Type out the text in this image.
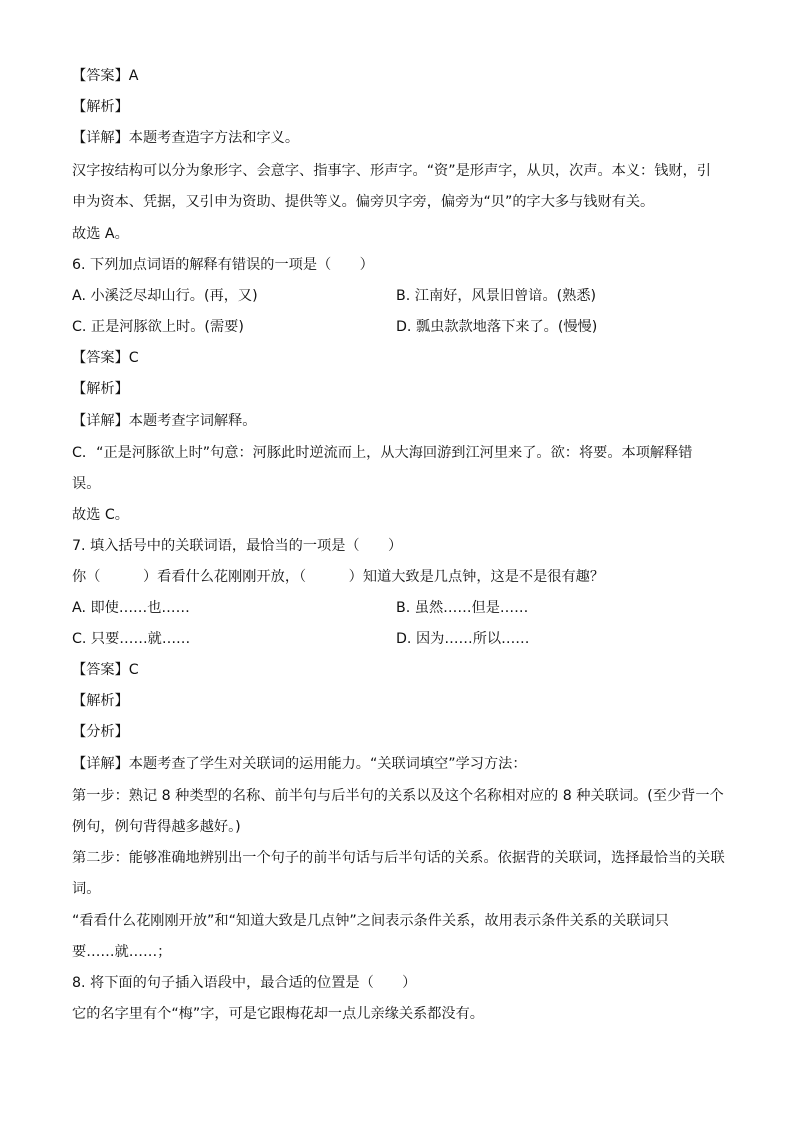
【答案】A
【解析】
【详解】本题考查造字方法和字义。
汉字按结构可以分为象形字、会意字、指事字、形声字。“资”是形声字，从贝，次声。本义：钱财，引
申为资本、凭据，又引申为资助、提供等义。偏旁贝字旁，偏旁为“贝”的字大多与钱财有关。
故选 A。
6. 下列加点词语的解释有错误的一项是（　　）
A. 小溪泛尽却山行。(再，又)	B. 江南好，风景旧曾谙。(熟悉)
C. 正是河豚欲上时。(需要)	D. 瓢虫款款地落下来了。(慢慢)
【答案】C
【解析】
【详解】本题考查字词解释。
C．“正是河豚欲上时”句意：河豚此时逆流而上，从大海回游到江河里来了。欲：将要。本项解释错
误。
故选 C。
7. 填入括号中的关联词语，最恰当的一项是（　　）
你（　　　）看看什么花刚刚开放，（　　　）知道大致是几点钟，这是不是很有趣？
A. 即使……也……	B. 虽然……但是……
C. 只要……就……	D. 因为……所以……
【答案】C
【解析】
【分析】
【详解】本题考查了学生对关联词的运用能力。“关联词填空”学习方法：
第一步：熟记 8 种类型的名称、前半句与后半句的关系以及这个名称相对应的 8 种关联词。(至少背一个
例句，例句背得越多越好。)
第二步：能够准确地辨别出一个句子的前半句话与后半句话的关系。依据背的关联词，选择最恰当的关联
词。
“看看什么花刚刚开放”和“知道大致是几点钟”之间表示条件关系，故用表示条件关系的关联词只
要……就……；
8. 将下面的句子插入语段中，最合适的位置是（　　）
它的名字里有个“梅”字，可是它跟梅花却一点儿亲缘关系都没有。
